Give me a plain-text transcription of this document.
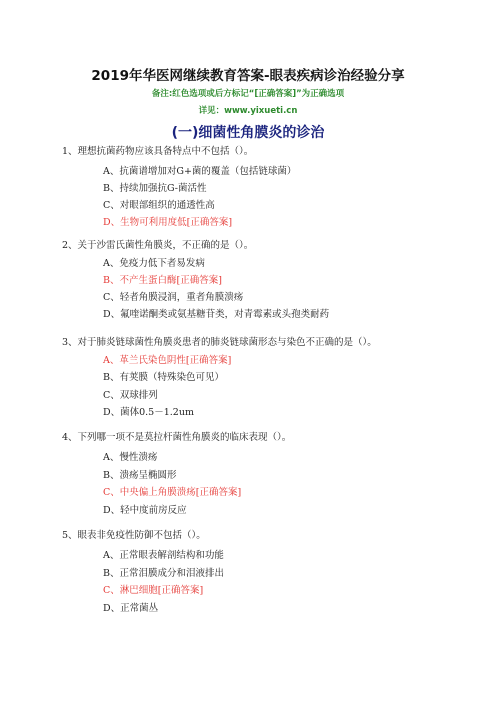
2019年华医网继续教育答案-眼表疾病诊治经验分享
备注:红色选项或后方标记“[正确答案]”为正确选项
详见：www.yixueti.cn
(一)细菌性角膜炎的诊治
1、理想抗菌药物应该具备特点中不包括（）。
A、抗菌谱增加对G+菌的覆盖（包括链球菌）
B、持续加强抗G-菌活性
C、对眼部组织的通透性高
D、生物可利用度低[正确答案]
2、关于沙雷氏菌性角膜炎，不正确的是（）。
A、免疫力低下者易发病
B、不产生蛋白酶[正确答案]
C、轻者角膜浸润，重者角膜溃疡
D、氟喹诺酮类或氨基糖苷类，对青霉素或头孢类耐药
3、对于肺炎链球菌性角膜炎患者的肺炎链球菌形态与染色不正确的是（）。
A、革兰氏染色阴性[正确答案]
B、有荚膜（特殊染色可见）
C、双球排列
D、菌体0.5－1.2um
4、下列哪一项不是莫拉杆菌性角膜炎的临床表现（）。
A、慢性溃疡
B、溃疡呈椭圆形
C、中央偏上角膜溃疡[正确答案]
D、轻中度前房反应
5、眼表非免疫性防御不包括（）。
A、正常眼表解剖结构和功能
B、正常泪膜成分和泪液排出
C、淋巴细胞[正确答案]
D、正常菌丛
